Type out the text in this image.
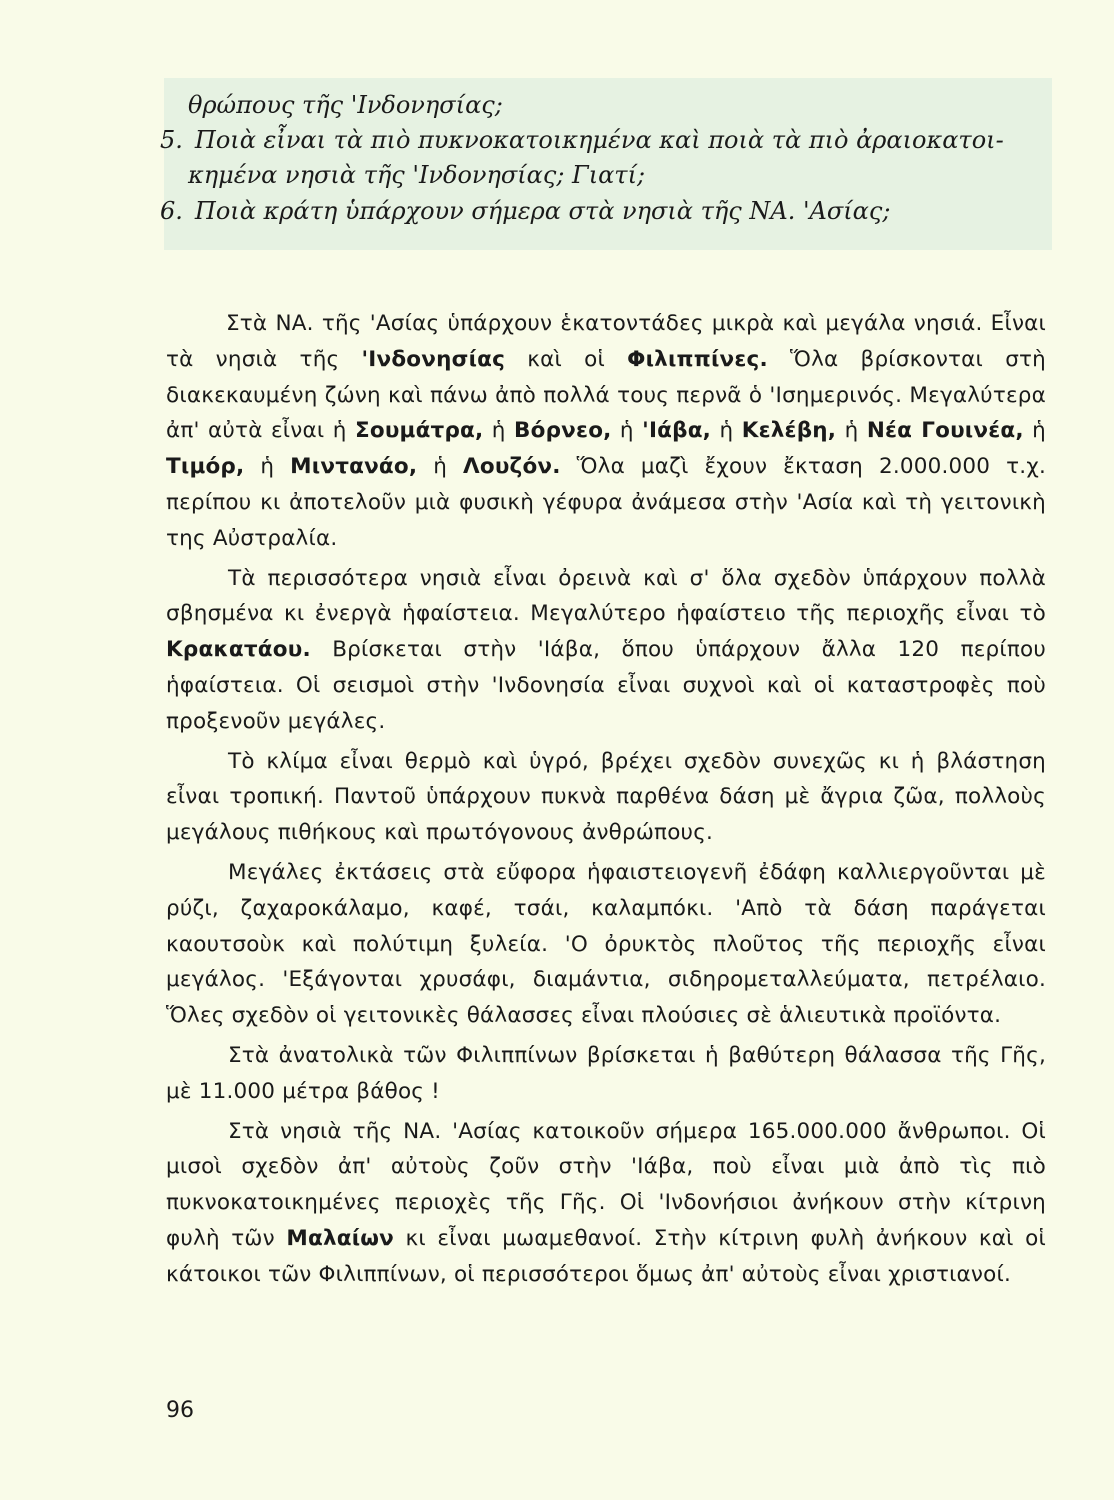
θρώπους τῆς 'Ινδονησίας;
5. Ποιὰ εἶναι τὰ πιὸ πυκνοκατοικημένα καὶ ποιὰ τὰ πιὸ ἀραιοκατοι-
κημένα νησιὰ τῆς 'Ινδονησίας; Γιατί;
6. Ποιὰ κράτη ὑπάρχουν σήμερα στὰ νησιὰ τῆς ΝΑ. 'Ασίας;

Στὰ ΝΑ. τῆς 'Ασίας ὑπάρχουν ἑκατοντάδες μικρὰ καὶ μεγάλα νησιά. Εἶναι τὰ νησιὰ τῆς 'Ινδονησίας καὶ οἱ Φιλιππίνες. Ὅλα βρίσκονται στὴ διακεκαυμένη ζώνη καὶ πάνω ἀπὸ πολλά τους περνᾶ ὁ 'Ισημερινός. Μεγαλύτερα ἀπ' αὐτὰ εἶναι ἡ Σουμάτρα, ἡ Βόρνεο, ἡ 'Ιάβα, ἡ Κελέβη, ἡ Νέα Γουινέα, ἡ Τιμόρ, ἡ Μιντανάο, ἡ Λουζόν. Ὅλα μαζὶ ἔχουν ἔκταση 2.000.000 τ.χ. περίπου κι ἀποτελοῦν μιὰ φυσικὴ γέφυρα ἀνάμεσα στὴν 'Ασία καὶ τὴ γειτονικὴ της Αὐστραλία.

Τὰ περισσότερα νησιὰ εἶναι ὀρεινὰ καὶ σ' ὅλα σχεδὸν ὑπάρχουν πολλὰ σβησμένα κι ἐνεργὰ ἡφαίστεια. Μεγαλύτερο ἡφαίστειο τῆς περιοχῆς εἶναι τὸ Κρακατάου. Βρίσκεται στὴν 'Ιάβα, ὅπου ὑπάρχουν ἄλλα 120 περίπου ἡφαίστεια. Οἱ σεισμοὶ στὴν 'Ινδονησία εἶναι συχνοὶ καὶ οἱ καταστροφὲς ποὺ προξενοῦν μεγάλες.

Τὸ κλίμα εἶναι θερμὸ καὶ ὑγρό, βρέχει σχεδὸν συνεχῶς κι ἡ βλάστηση εἶναι τροπική. Παντοῦ ὑπάρχουν πυκνὰ παρθένα δάση μὲ ἄγρια ζῶα, πολλοὺς μεγάλους πιθήκους καὶ πρωτόγονους ἀνθρώπους.

Μεγάλες ἐκτάσεις στὰ εὔφορα ἡφαιστειογενῆ ἐδάφη καλλιεργοῦνται μὲ ρύζι, ζαχαροκάλαμο, καφέ, τσάι, καλαμπόκι. 'Απὸ τὰ δάση παράγεται καουτσοὺκ καὶ πολύτιμη ξυλεία. 'Ο ὀρυκτὸς πλοῦτος τῆς περιοχῆς εἶναι μεγάλος. 'Εξάγονται χρυσάφι, διαμάντια, σιδηρομεταλλεύματα, πετρέλαιο. Ὅλες σχεδὸν οἱ γειτονικὲς θάλασσες εἶναι πλούσιες σὲ ἁλιευτικὰ προϊόντα.

Στὰ ἀνατολικὰ τῶν Φιλιππίνων βρίσκεται ἡ βαθύτερη θάλασσα τῆς Γῆς, μὲ 11.000 μέτρα βάθος !

Στὰ νησιὰ τῆς ΝΑ. 'Ασίας κατοικοῦν σήμερα 165.000.000 ἄνθρωποι. Οἱ μισοὶ σχεδὸν ἀπ' αὐτοὺς ζοῦν στὴν 'Ιάβα, ποὺ εἶναι μιὰ ἀπὸ τὶς πιὸ πυκνοκατοικημένες περιοχὲς τῆς Γῆς. Οἱ 'Ινδονήσιοι ἀνήκουν στὴν κίτρινη φυλὴ τῶν Μαλαίων κι εἶναι μωαμεθανοί. Στὴν κίτρινη φυλὴ ἀνήκουν καὶ οἱ κάτοικοι τῶν Φιλιππίνων, οἱ περισσότεροι ὅμως ἀπ' αὐτοὺς εἶναι χριστιανοί.

96
